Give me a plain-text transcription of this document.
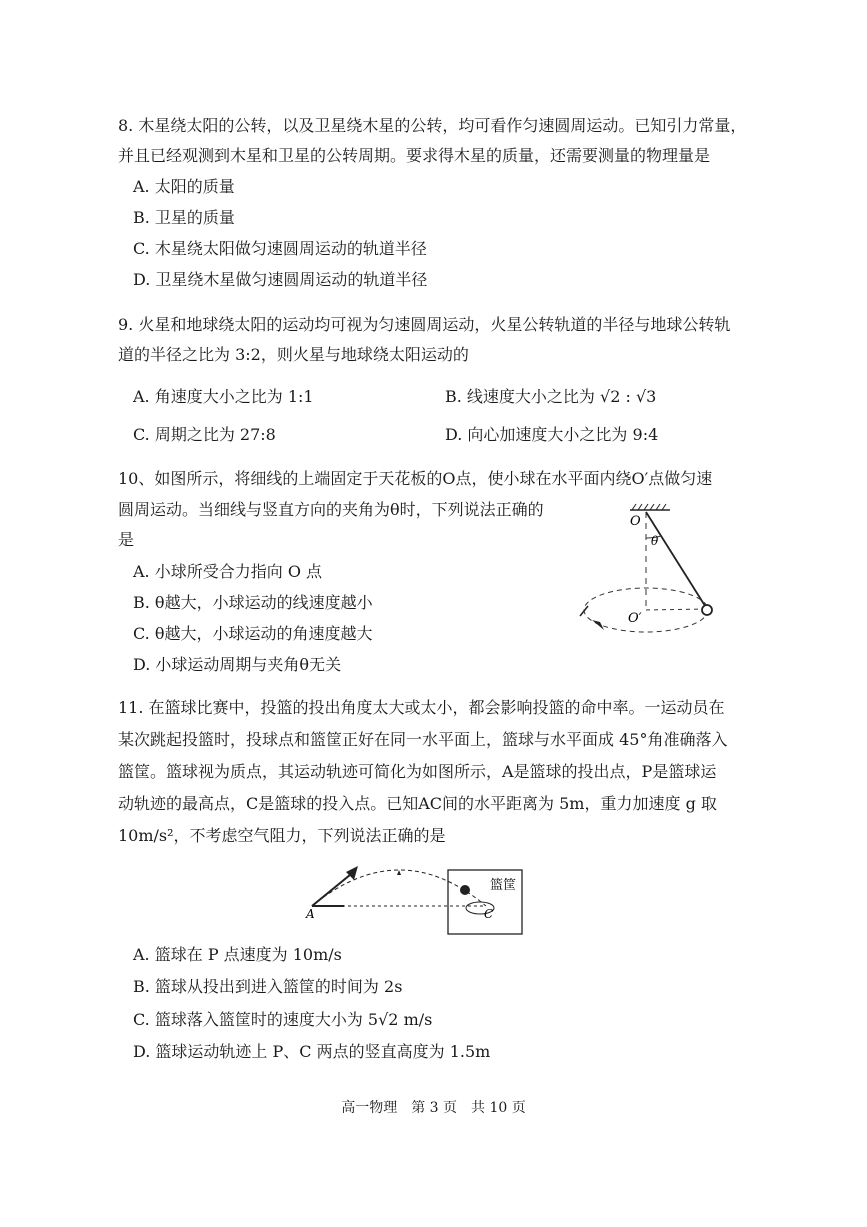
8. 木星绕太阳的公转，以及卫星绕木星的公转，均可看作匀速圆周运动。已知引力常量，
并且已经观测到木星和卫星的公转周期。要求得木星的质量，还需要测量的物理量是
A. 太阳的质量
B. 卫星的质量
C. 木星绕太阳做匀速圆周运动的轨道半径
D. 卫星绕木星做匀速圆周运动的轨道半径
9. 火星和地球绕太阳的运动均可视为匀速圆周运动，火星公转轨道的半径与地球公转轨
道的半径之比为 3:2，则火星与地球绕太阳运动的
A. 角速度大小之比为 1:1	B. 线速度大小之比为 √2 : √3
C. 周期之比为 27:8	D. 向心加速度大小之比为 9:4
10、如图所示，将细线的上端固定于天花板的O点，使小球在水平面内绕O′点做匀速
圆周运动。当细线与竖直方向的夹角为θ时，下列说法正确的
是
A. 小球所受合力指向 O 点
B. θ越大，小球运动的线速度越小
C. θ越大，小球运动的角速度越大
D. 小球运动周期与夹角θ无关
O
θ
O′
11. 在篮球比赛中，投篮的投出角度太大或太小，都会影响投篮的命中率。一运动员在
某次跳起投篮时，投球点和篮筐正好在同一水平面上，篮球与水平面成 45°角准确落入
篮筐。篮球视为质点，其运动轨迹可简化为如图所示，A是篮球的投出点，P是篮球运
动轨迹的最高点，C是篮球的投入点。已知AC间的水平距离为 5m，重力加速度 g 取
10m/s²，不考虑空气阻力，下列说法正确的是
A	C
篮筐
A. 篮球在 P 点速度为 10m/s
B. 篮球从投出到进入篮筐的时间为 2s
C. 篮球落入篮筐时的速度大小为 5√2 m/s
D. 篮球运动轨迹上 P、C 两点的竖直高度为 1.5m
高一物理　第 3 页　共 10 页
